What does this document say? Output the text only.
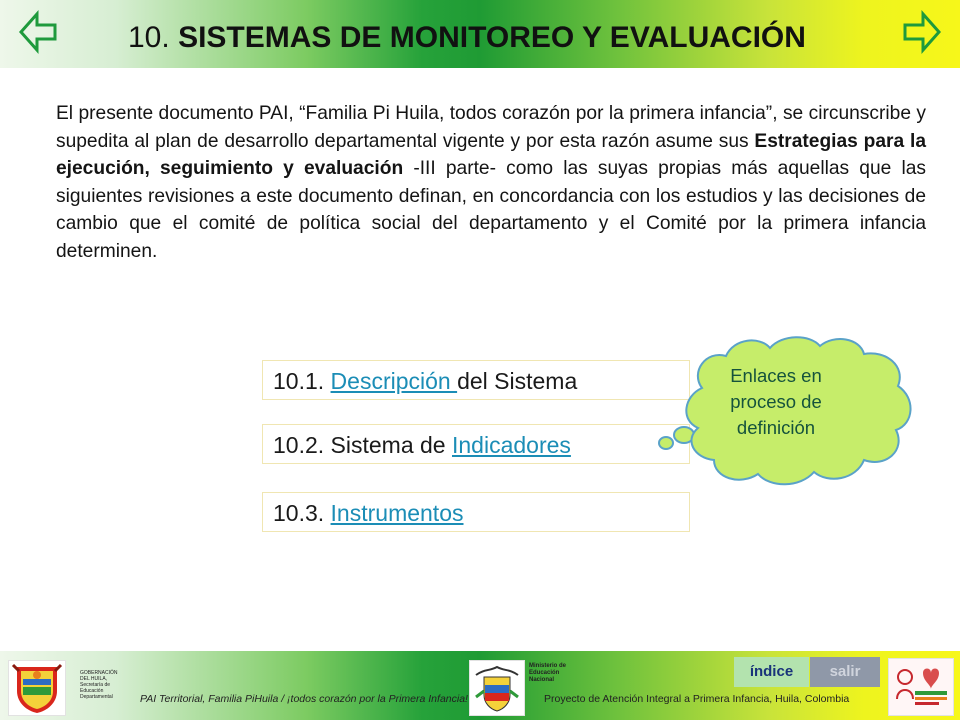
10. SISTEMAS DE MONITOREO Y EVALUACIÓN
El presente documento PAI, “Familia Pi Huila, todos corazón por la primera infancia”, se circunscribe y supedita al plan de desarrollo departamental vigente y por esta razón asume sus Estrategias para la ejecución, seguimiento y evaluación -III parte- como las suyas propias más aquellas que las siguientes revisiones a este documento definan, en concordancia con los estudios y las decisiones de cambio que el comité de política social del departamento y el Comité por la primera infancia determinen.
10.1. Descripción del Sistema
10.2. Sistema de Indicadores
10.3. Instrumentos
Enlaces en proceso de definición
GOBERNACIÓN DEL HUILA, Secretaría de Educación Departamental	PAI Territorial, Familia PiHuila / ¡todos corazón por la Primera Infancia!
Ministerio de Educación Nacional
Proyecto de Atención Integral a Primera Infancia, Huila, Colombia
índice	salir
